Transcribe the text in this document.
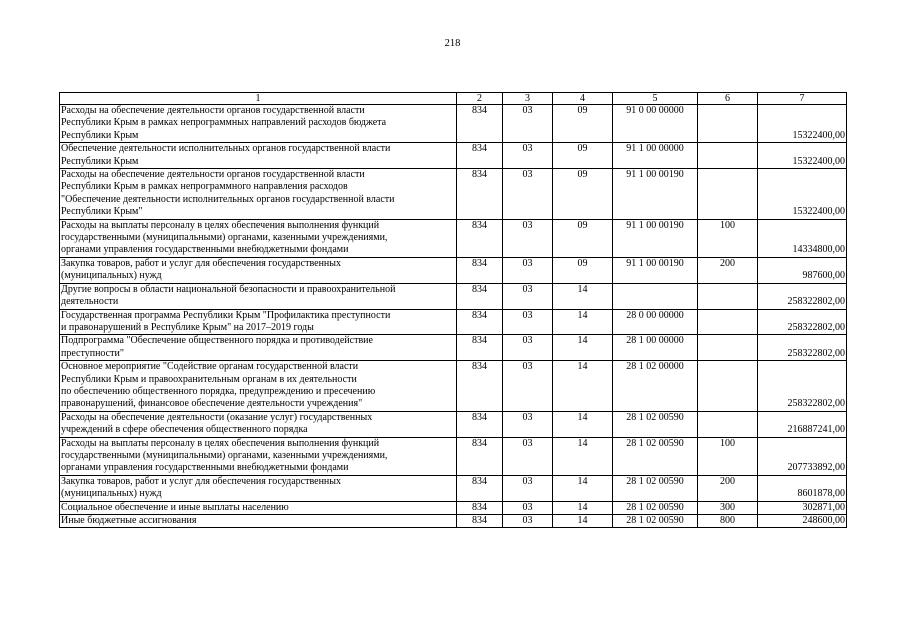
218
1	2	3	4	5	6	7

Расходы на обеспечение деятельности органов государственной власти
Республики Крым в рамках непрограммных направлений расходов бюджета
Республики Крым	834	03	09	91 0 00 00000		15322400,00

Обеспечение деятельности исполнительных органов государственной власти
Республики Крым	834	03	09	91 1 00 00000		15322400,00

Расходы на обеспечение деятельности органов государственной власти
Республики Крым в рамках непрограммного направления расходов
"Обеспечение деятельности исполнительных органов государственной власти
Республики Крым"	834	03	09	91 1 00 00190		15322400,00

Расходы на выплаты персоналу в целях обеспечения выполнения функций
государственными (муниципальными) органами, казенными учреждениями,
органами управления государственными внебюджетными фондами	834	03	09	91 1 00 00190	100	14334800,00

Закупка товаров, работ и услуг для обеспечения государственных
(муниципальных) нужд	834	03	09	91 1 00 00190	200	987600,00

Другие вопросы в области национальной безопасности и правоохранительной
деятельности	834	03	14			258322802,00

Государственная программа Республики Крым "Профилактика преступности
и правонарушений в Республике Крым" на 2017–2019 годы	834	03	14	28 0 00 00000		258322802,00

Подпрограмма "Обеспечение общественного порядка и противодействие
преступности"	834	03	14	28 1 00 00000		258322802,00

Основное мероприятие "Содействие органам государственной власти
Республики Крым и правоохранительным органам в их деятельности
по обеспечению общественного порядка, предупреждению и пресечению
правонарушений, финансовое обеспечение деятельности учреждения"	834	03	14	28 1 02 00000		258322802,00

Расходы на обеспечение деятельности (оказание услуг) государственных
учреждений в сфере обеспечения общественного порядка	834	03	14	28 1 02 00590		216887241,00

Расходы на выплаты персоналу в целях обеспечения выполнения функций
государственными (муниципальными) органами, казенными учреждениями,
органами управления государственными внебюджетными фондами	834	03	14	28 1 02 00590	100	207733892,00

Закупка товаров, работ и услуг для обеспечения государственных
(муниципальных) нужд	834	03	14	28 1 02 00590	200	8601878,00

Социальное обеспечение и иные выплаты населению	834	03	14	28 1 02 00590	300	302871,00

Иные бюджетные ассигнования	834	03	14	28 1 02 00590	800	248600,00
